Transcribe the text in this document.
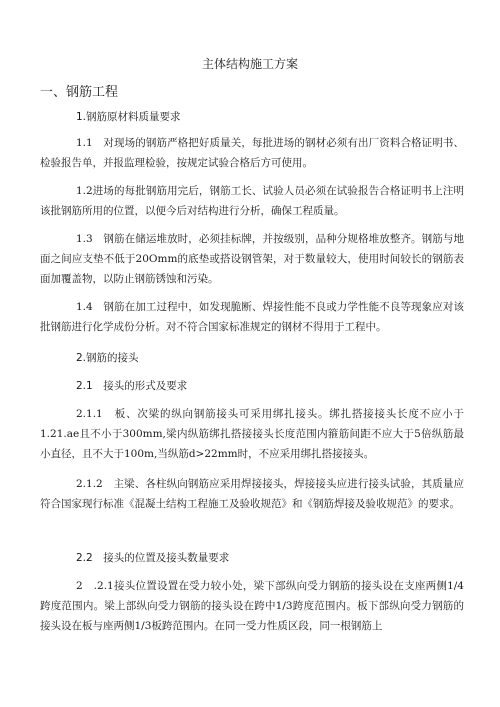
主体结构施工方案
一、钢筋工程
1.钢筋原材料质量要求

1.1　对现场的钢筋严格把好质量关，每批进场的钢材必须有出厂资料合格证明书、检验报告单，并报监理检验，按规定试验合格后方可使用。

1.2进场的每批钢筋用完后，钢筋工长、试验人员必须在试验报告合格证明书上注明该批钢筋所用的位置，以便今后对结构进行分析，确保工程质量。

1.3　钢筋在储运堆放时，必须挂标牌，并按级别，品种分规格堆放整齐。钢筋与地面之间应支垫不低于20Omm的底垫或搭设钢管架，对于数量较大，使用时间较长的钢筋表面加覆盖物，以防止钢筋锈蚀和污染。

1.4　钢筋在加工过程中，如发现脆断、焊接性能不良或力学性能不良等现象应对该批钢筋进行化学成份分析。对不符合国家标准规定的钢材不得用于工程中。

2.钢筋的接头
2.1　接头的形式及要求

2.1.1　板、次梁的纵向钢筋接头可采用绑扎接头。绑扎搭接接头长度不应小于1.21.ae且不小于300mm,梁内纵筋绑扎搭接接头长度范围内箍筋间距不应大于5倍纵筋最小直径，且不大于100m,当纵筋d>22mm时，不应采用绑扎搭接接头。

2.1.2　主梁、各柱纵向钢筋应采用焊接接头，焊接接头应进行接头试验，其质量应符合国家现行标准《混凝土结构工程施工及验收规范》和《钢筋焊接及验收规范》的要求。

2.2　接头的位置及接头数量要求

2　.2.1接头位置设置在受力较小处，梁下部纵向受力钢筋的接头设在支座两侧1/4跨度范围内。梁上部纵向受力钢筋的接头设在跨中1/3跨度范围内。板下部纵向受力钢筋的接头设在板与座两侧1/3板跨范围内。在同一受力性质区段，同一根钢筋上
